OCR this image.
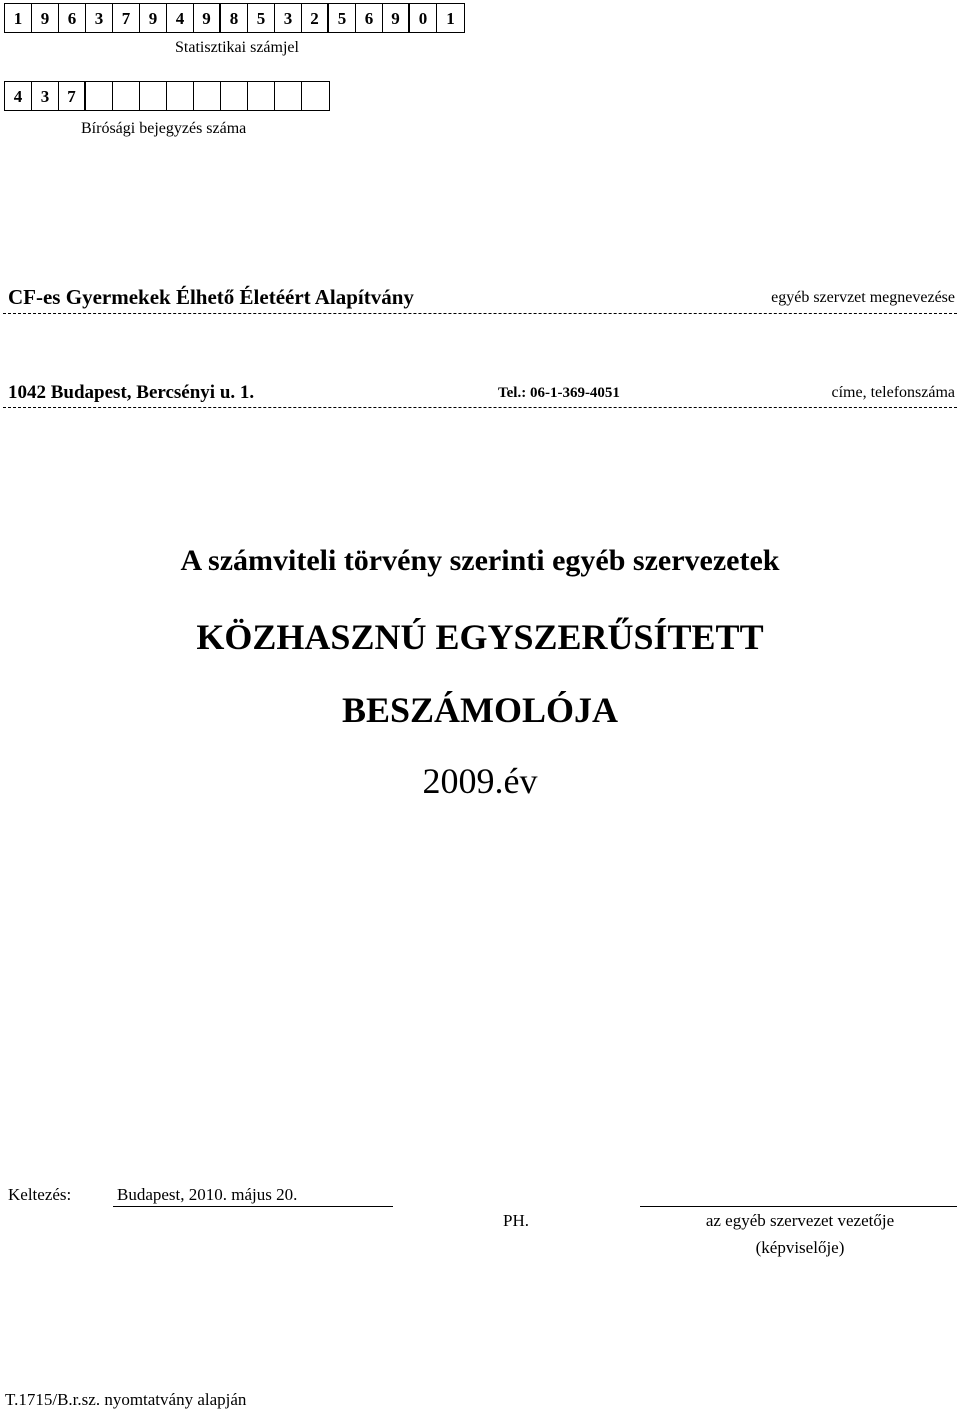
1	9	6	3	7	9	4	9	8	5	3	2	5	6	9	0	1
Statisztikai számjel
4	3	7
Bírósági bejegyzés száma
CF-es Gyermekek Élhető Életéért Alapítvány	egyéb szervzet megnevezése
1042 Budapest, Bercsényi u. 1.	Tel.: 06-1-369-4051	címe, telefonszáma
A számviteli törvény szerinti egyéb szervezetek
KÖZHASZNÚ EGYSZERŰSÍTETT
BESZÁMOLÓJA
2009.év
Keltezés:	Budapest, 2010. május 20.
PH.	az egyéb szervezet vezetője
(képviselője)
T.1715/B.r.sz. nyomtatvány alapján
